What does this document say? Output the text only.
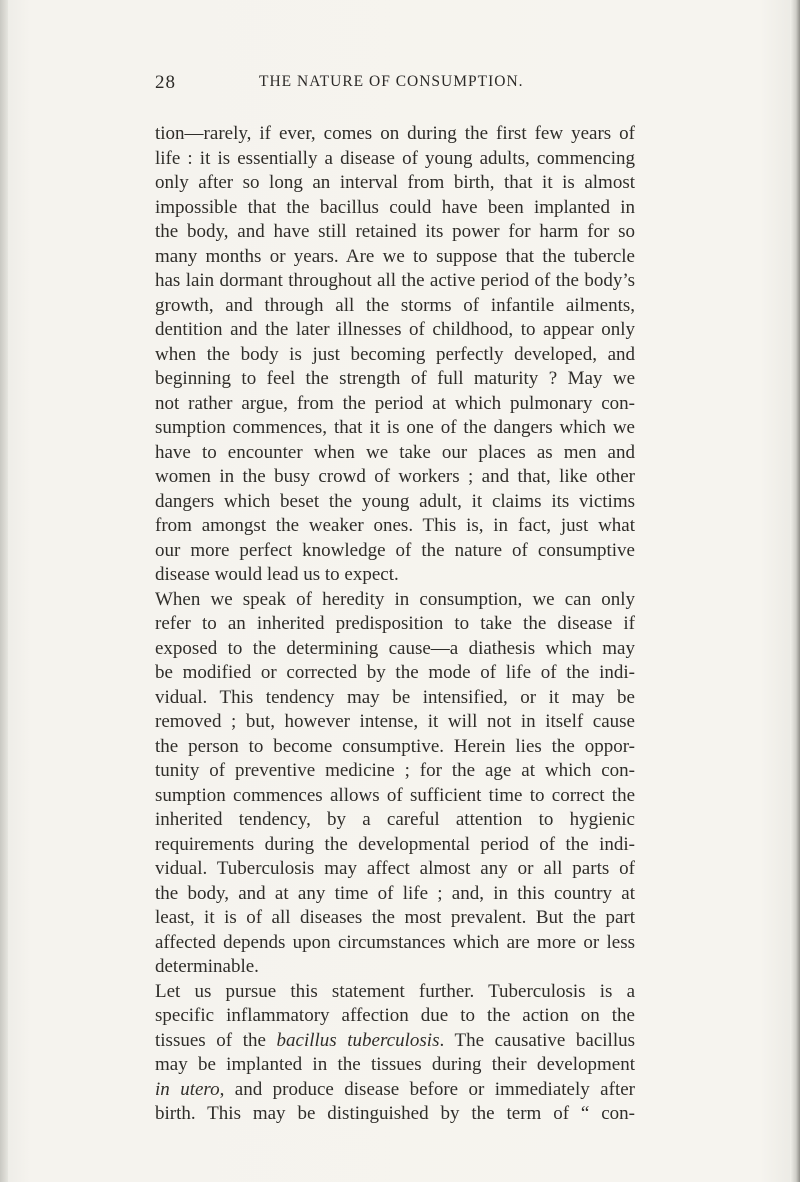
28	THE NATURE OF CONSUMPTION.
tion—rarely, if ever, comes on during the first few years of
life : it is essentially a disease of young adults, commencing
only after so long an interval from birth, that it is almost
impossible that the bacillus could have been implanted in
the body, and have still retained its power for harm for so
many months or years. Are we to suppose that the tubercle
has lain dormant throughout all the active period of the body’s
growth, and through all the storms of infantile ailments,
dentition and the later illnesses of childhood, to appear only
when the body is just becoming perfectly developed, and
beginning to feel the strength of full maturity ? May we
not rather argue, from the period at which pulmonary con-
sumption commences, that it is one of the dangers which we
have to encounter when we take our places as men and
women in the busy crowd of workers ; and that, like other
dangers which beset the young adult, it claims its victims
from amongst the weaker ones. This is, in fact, just what
our more perfect knowledge of the nature of consumptive
disease would lead us to expect.
When we speak of heredity in consumption, we can only
refer to an inherited predisposition to take the disease if
exposed to the determining cause—a diathesis which may
be modified or corrected by the mode of life of the indi-
vidual. This tendency may be intensified, or it may be
removed ; but, however intense, it will not in itself cause
the person to become consumptive. Herein lies the oppor-
tunity of preventive medicine ; for the age at which con-
sumption commences allows of sufficient time to correct the
inherited tendency, by a careful attention to hygienic
requirements during the developmental period of the indi-
vidual. Tuberculosis may affect almost any or all parts of
the body, and at any time of life ; and, in this country at
least, it is of all diseases the most prevalent. But the part
affected depends upon circumstances which are more or less
determinable.
Let us pursue this statement further. Tuberculosis is a
specific inflammatory affection due to the action on the
tissues of the bacillus tuberculosis. The causative bacillus
may be implanted in the tissues during their development
in utero, and produce disease before or immediately after
birth. This may be distinguished by the term of “ con-
